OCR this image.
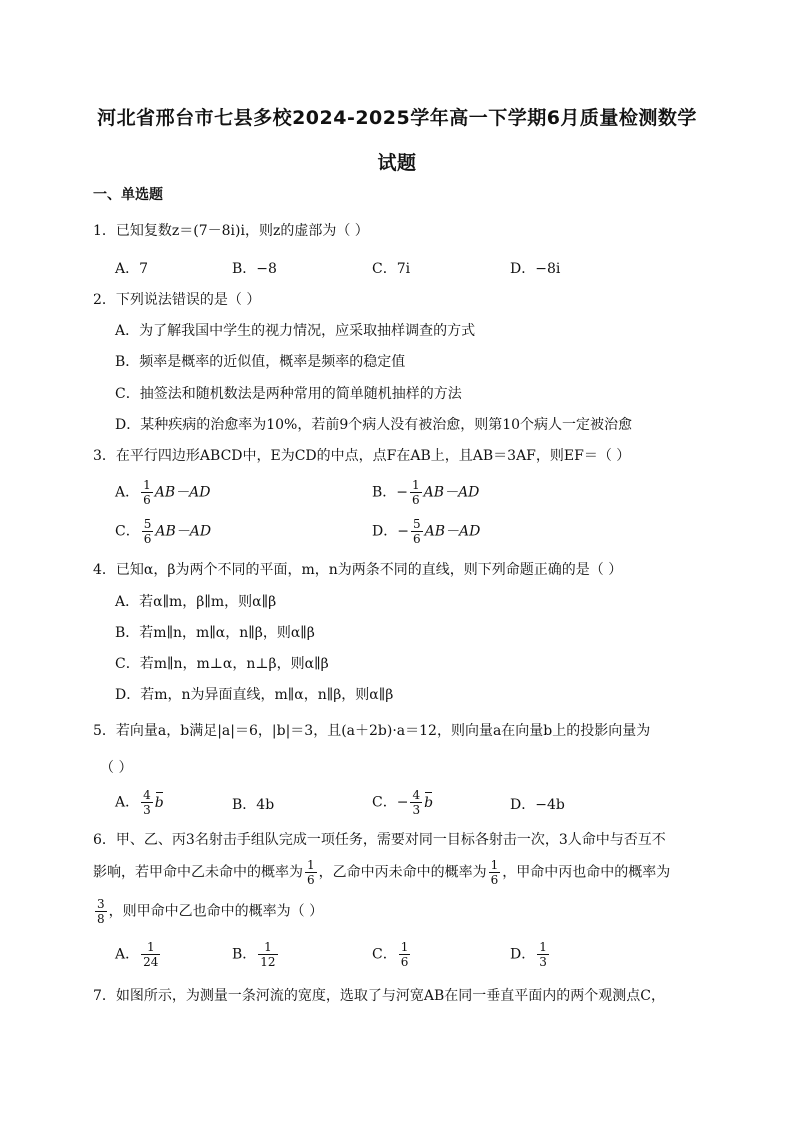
河北省邢台市七县多校2024-2025学年高一下学期6月质量检测数学
试题
一、单选题
1．已知复数z＝(7－8i)i，则z的虚部为（ ）
A．7	B．−8	C．7i	D．−8i
2．下列说法错误的是（ ）
A．为了解我国中学生的视力情况，应采取抽样调查的方式
B．频率是概率的近似值，概率是频率的稳定值
C．抽签法和随机数法是两种常用的简单随机抽样的方法
D．某种疾病的治愈率为10%，若前9个病人没有被治愈，则第10个病人一定被治愈
3．在平行四边形ABCD中，E为CD的中点，点F在AB上，且AB＝3AF，则EF＝（ ）
A． $\frac{1}{6} AB-AD$	B．− $\frac{1}{6} AB-AD$
C． $\frac{5}{6} AB-AD$	D．− $\frac{5}{6} AB-AD$
4．已知α，β为两个不同的平面，m，n为两条不同的直线，则下列命题正确的是（ ）
A．若α∥m，β∥m，则α∥β
B．若m∥n，m∥α，n∥β，则α∥β
C．若m∥n，m⊥α，n⊥β，则α∥β
D．若m，n为异面直线，m∥α，n∥β，则α∥β
5．若向量a，b满足|a|＝6，|b|＝3，且(a＋2b)·a＝12，则向量a在向量b上的投影向量为
（ ）
A． $\frac{4}{3}$ b	B．4b	C．− $\frac{4}{3}$ b	D．−4b
6．甲、乙、丙3名射击手组队完成一项任务，需要对同一目标各射击一次，3人命中与否互不
影响，若甲命中乙未命中的概率为 $\frac{1}{6}$ ，乙命中丙未命中的概率为 $\frac{1}{6}$ ，甲命中丙也命中的概率为
$\frac{3}{8}$ ，则甲命中乙也命中的概率为（ ）
A． $\frac{1}{24}$	B． $\frac{1}{12}$	C． $\frac{1}{6}$	D． $\frac{1}{3}$
7．如图所示，为测量一条河流的宽度，选取了与河宽AB在同一垂直平面内的两个观测点C，
